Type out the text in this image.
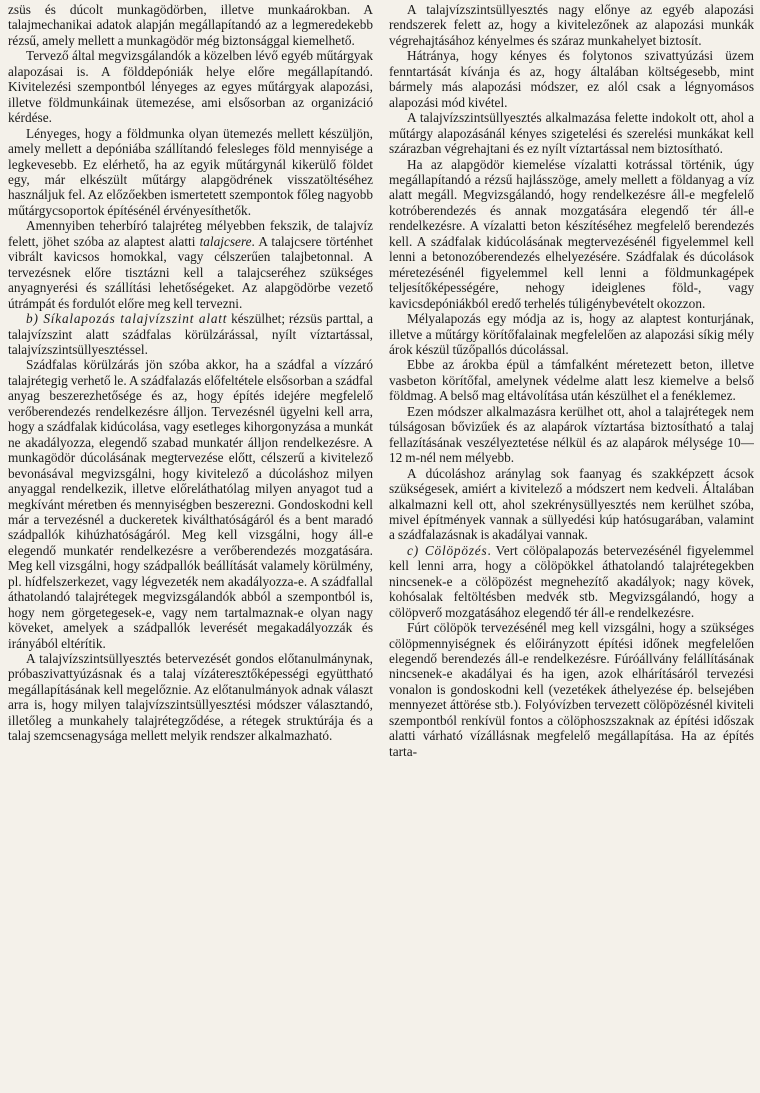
zsüs és dúcolt munkagödörben, illetve munkaárokban. A talajmechanikai adatok alapján megállapítandó az a legmeredekebb rézsű, amely mellett a munkagödör még biztonsággal kiemelhető.

Tervező által megvizsgálandók a közelben lévő egyéb műtárgyak alapozásai is. A földdepóniák helye előre megállapítandó. Kivitelezési szempontból lényeges az egyes műtárgyak alapozási, illetve földmunkáinak ütemezése, ami elsősorban az organizáció kérdése.

Lényeges, hogy a földmunka olyan ütemezés mellett készüljön, amely mellett a depóniába szállítandó felesleges föld mennyisége a legkevesebb. Ez elérhető, ha az egyik műtárgynál kikerülő földet egy, már elkészült műtárgy alapgödrének visszatöltéséhez használjuk fel. Az előzőekben ismertetett szempontok főleg nagyobb műtárgycsoportok építésénél érvényesíthetők.

Amennyiben teherbíró talajréteg mélyebben fekszik, de talajvíz felett, jöhet szóba az alaptest alatti talajcsere. A talajcsere történhet vibrált kavicsos homokkal, vagy célszerűen talajbetonnal. A tervezésnek előre tisztázni kell a talajcseréhez szükséges anyagnyerési és szállítási lehetőségeket. Az alapgödörbe vezető útrámpát és fordulót előre meg kell tervezni.

b) Síkalapozás talajvízszint alatt készülhet; rézsüs parttal, a talajvízszint alatt szádfalas körülzárással, nyílt víztartással, talajvízszintsüllyesztéssel.

Szádfalas körülzárás jön szóba akkor, ha a szádfal a vízzáró talajrétegig verhető le. A szádfalazás előfeltétele elsősorban a szádfal anyag beszerezhetősége és az, hogy építés idejére megfelelő verőberendezés rendelkezésre álljon. Tervezésnél ügyelni kell arra, hogy a szádfalak kidúcolása, vagy esetleges kihorgonyzása a munkát ne akadályozza, elegendő szabad munkatér álljon rendelkezésre. A munkagödör dúcolásának megtervezése előtt, célszerű a kivitelező bevonásával megvizsgálni, hogy kivitelező a dúcoláshoz milyen anyaggal rendelkezik, illetve előreláthatólag milyen anyagot tud a megkívánt méretben és mennyiségben beszerezni. Gondoskodni kell már a tervezésnél a duckeretek kiválthatóságáról és a bent maradó szádpallók kihúzhatóságáról. Meg kell vizsgálni, hogy áll-e elegendő munkatér rendelkezésre a verőberendezés mozgatására. Meg kell vizsgálni, hogy szádpallók beállítását valamely körülmény, pl. hídfelszerkezet, vagy légvezeték nem akadályozza-e. A szádfallal áthatolandó talajrétegek megvizsgálandók abból a szempontból is, hogy nem görgetegesek-e, vagy nem tartalmaznak-e olyan nagy köveket, amelyek a szádpallók leverését megakadályozzák és irányából eltérítik.

A talajvízszintsüllyesztés betervezését gondos előtanulmánynak, próbaszivattyúzásnak és a talaj vízáteresztőképességi együttható megállapításának kell megelőznie. Az előtanulmányok adnak választ arra is, hogy milyen talajvízszintsüllyesztési módszer választandó, illetőleg a munkahely talajrétegződése, a rétegek struktúrája és a talaj szemcsenagysága mellett melyik rendszer alkalmazható.

A talajvízszintsüllyesztés nagy előnye az egyéb alapozási rendszerek felett az, hogy a kivitelezőnek az alapozási munkák végrehajtásához kényelmes és száraz munkahelyet biztosít.

Hátránya, hogy kényes és folytonos szivattyúzási üzem fenntartását kívánja és az, hogy általában költségesebb, mint bármely más alapozási módszer, ez alól csak a légnyomásos alapozási mód kivétel.

A talajvízszintsüllyesztés alkalmazása felette indokolt ott, ahol a műtárgy alapozásánál kényes szigetelési és szerelési munkákat kell szárazban végrehajtani és ez nyílt víztartással nem biztosítható.

Ha az alapgödör kiemelése vízalatti kotrással történik, úgy megállapítandó a rézsű hajlásszöge, amely mellett a földanyag a víz alatt megáll. Megvizsgálandó, hogy rendelkezésre áll-e megfelelő kotróberendezés és annak mozgatására elegendő tér áll-e rendelkezésre. A vízalatti beton készítéséhez megfelelő berendezés kell. A szádfalak kidúcolásának megtervezésénél figyelemmel kell lenni a betonozóberendezés elhelyezésére. Szádfalak és dúcolások méretezésénél figyelemmel kell lenni a földmunkagépek teljesítőképességére, nehogy ideiglenes föld-, vagy kavicsdepóniákból eredő terhelés túligénybevételt okozzon.

Mélyalapozás egy módja az is, hogy az alaptest konturjának, illetve a műtárgy körítőfalainak megfelelően az alapozási síkig mély árok készül tűzőpallós dúcolással.

Ebbe az árokba épül a támfalként méretezett beton, illetve vasbeton körítőfal, amelynek védelme alatt lesz kiemelve a belső földmag. A belső mag eltávolítása után készülhet el a fenéklemez.

Ezen módszer alkalmazásra kerülhet ott, ahol a talajrétegek nem túlságosan bővizűek és az alapárok víztartása biztosítható a talaj fellazításának veszélyeztetése nélkül és az alapárok mélysége 10—12 m-nél nem mélyebb.

A dúcoláshoz aránylag sok faanyag és szakképzett ácsok szükségesek, amiért a kivitelező a módszert nem kedveli. Általában alkalmazni kell ott, ahol szekrénysüllyesztés nem kerülhet szóba, mivel építmények vannak a süllyedési kúp hatósugarában, valamint a szádfalazásnak is akadályai vannak.

c) Cölöpözés. Vert cölöpalapozás betervezésénél figyelemmel kell lenni arra, hogy a cölöpökkel áthatolandó talajrétegekben nincsenek-e a cölöpözést megnehezítő akadályok; nagy kövek, kohósalak feltöltésben medvék stb. Megvizsgálandó, hogy a cölöpverő mozgatásához elegendő tér áll-e rendelkezésre.

Fúrt cölöpök tervezésénél meg kell vizsgálni, hogy a szükséges cölöpmennyiségnek és előirányzott építési időnek megfelelően elegendő berendezés áll-e rendelkezésre. Fúróállvány felállításának nincsenek-e akadályai és ha igen, azok elhárításáról tervezési vonalon is gondoskodni kell (vezetékek áthelyezése ép. belsejében mennyezet áttörése stb.). Folyóvízben tervezett cölöpözésnél kiviteli szempontból renkívül fontos a cölöphoszszaknak az építési időszak alatti várható vízállásnak megfelelő megállapítása. Ha az építés tarta-
